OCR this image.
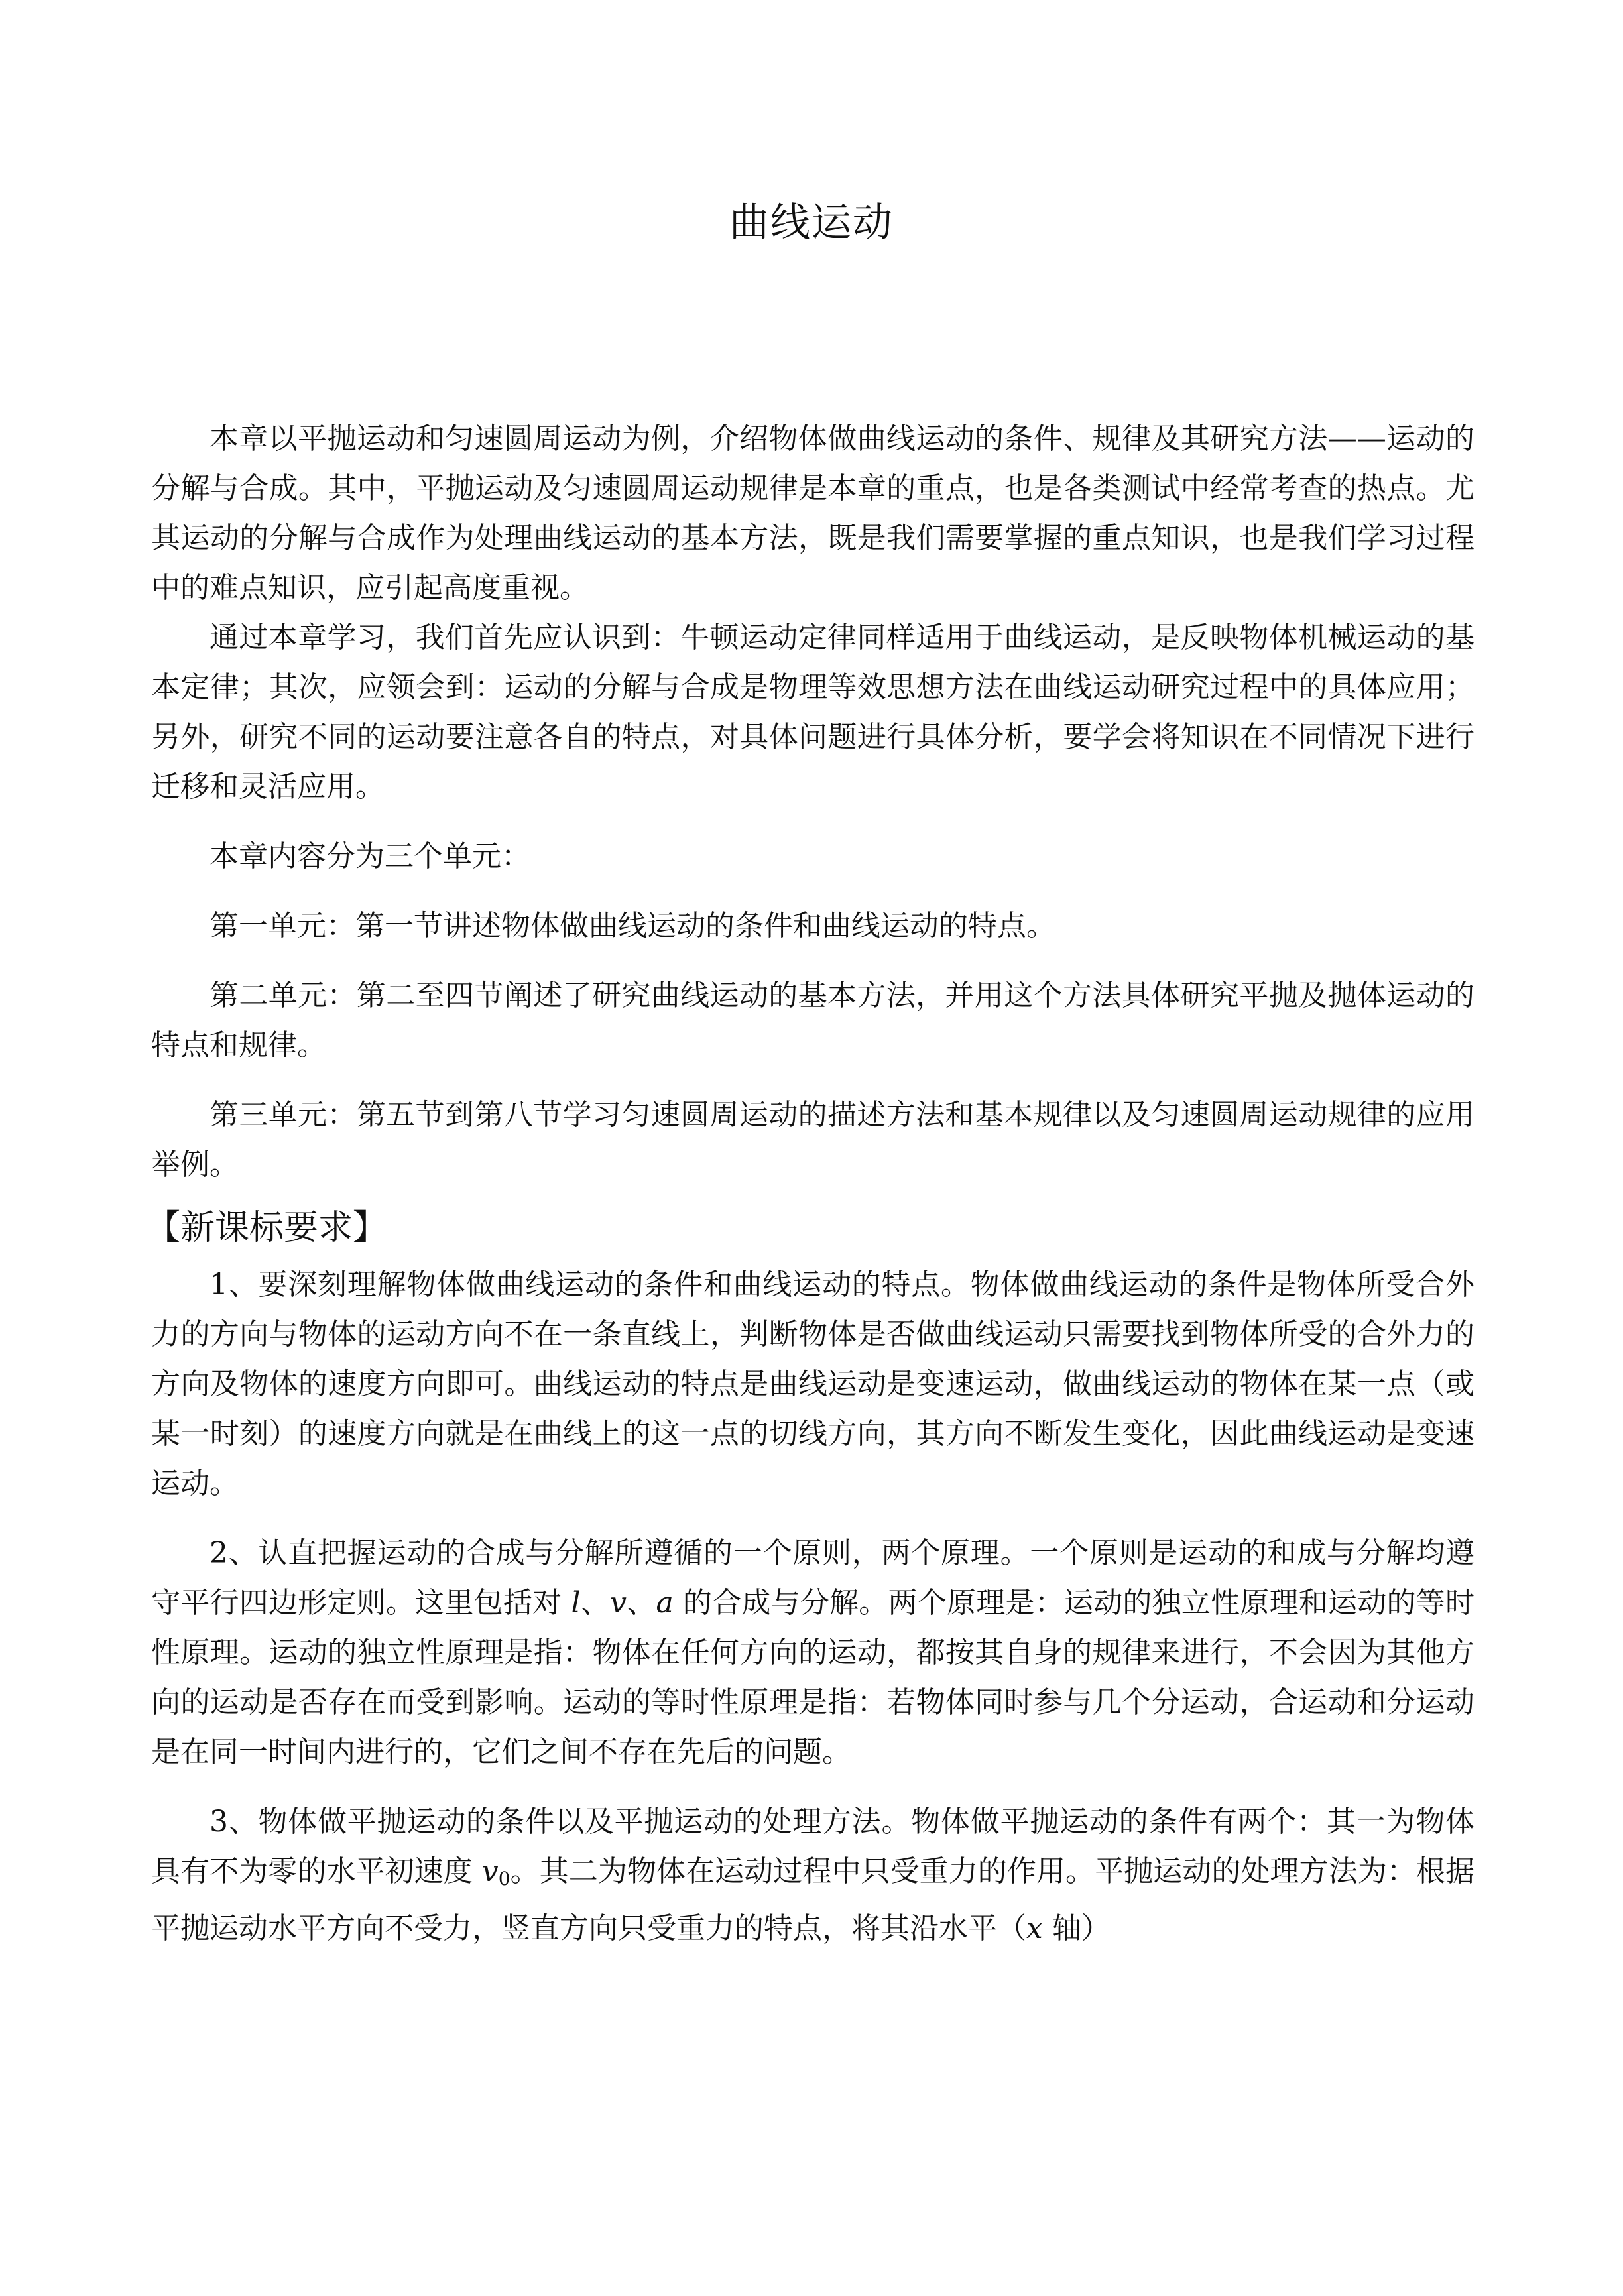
曲线运动

本章以平抛运动和匀速圆周运动为例，介绍物体做曲线运动的条件、规律及其研究方法——运动的分解与合成。其中，平抛运动及匀速圆周运动规律是本章的重点，也是各类测试中经常考查的热点。尤其运动的分解与合成作为处理曲线运动的基本方法，既是我们需要掌握的重点知识，也是我们学习过程中的难点知识，应引起高度重视。

通过本章学习，我们首先应认识到：牛顿运动定律同样适用于曲线运动，是反映物体机械运动的基本定律；其次，应领会到：运动的分解与合成是物理等效思想方法在曲线运动研究过程中的具体应用；另外，研究不同的运动要注意各自的特点，对具体问题进行具体分析，要学会将知识在不同情况下进行迁移和灵活应用。

本章内容分为三个单元：

第一单元：第一节讲述物体做曲线运动的条件和曲线运动的特点。

第二单元：第二至四节阐述了研究曲线运动的基本方法，并用这个方法具体研究平抛及抛体运动的特点和规律。

第三单元：第五节到第八节学习匀速圆周运动的描述方法和基本规律以及匀速圆周运动规律的应用举例。

【新课标要求】

1、要深刻理解物体做曲线运动的条件和曲线运动的特点。物体做曲线运动的条件是物体所受合外力的方向与物体的运动方向不在一条直线上，判断物体是否做曲线运动只需要找到物体所受的合外力的方向及物体的速度方向即可。曲线运动的特点是曲线运动是变速运动，做曲线运动的物体在某一点（或某一时刻）的速度方向就是在曲线上的这一点的切线方向，其方向不断发生变化，因此曲线运动是变速运动。

2、认直把握运动的合成与分解所遵循的一个原则，两个原理。一个原则是运动的和成与分解均遵守平行四边形定则。这里包括对 l、v、a 的合成与分解。两个原理是：运动的独立性原理和运动的等时性原理。运动的独立性原理是指：物体在任何方向的运动，都按其自身的规律来进行，不会因为其他方向的运动是否存在而受到影响。运动的等时性原理是指：若物体同时参与几个分运动，合运动和分运动是在同一时间内进行的，它们之间不存在先后的问题。

3、物体做平抛运动的条件以及平抛运动的处理方法。物体做平抛运动的条件有两个：其一为物体具有不为零的水平初速度 $v_0$。其二为物体在运动过程中只受重力的作用。平抛运动的处理方法为：根据平抛运动水平方向不受力，竖直方向只受重力的特点，将其沿水平（x 轴）
